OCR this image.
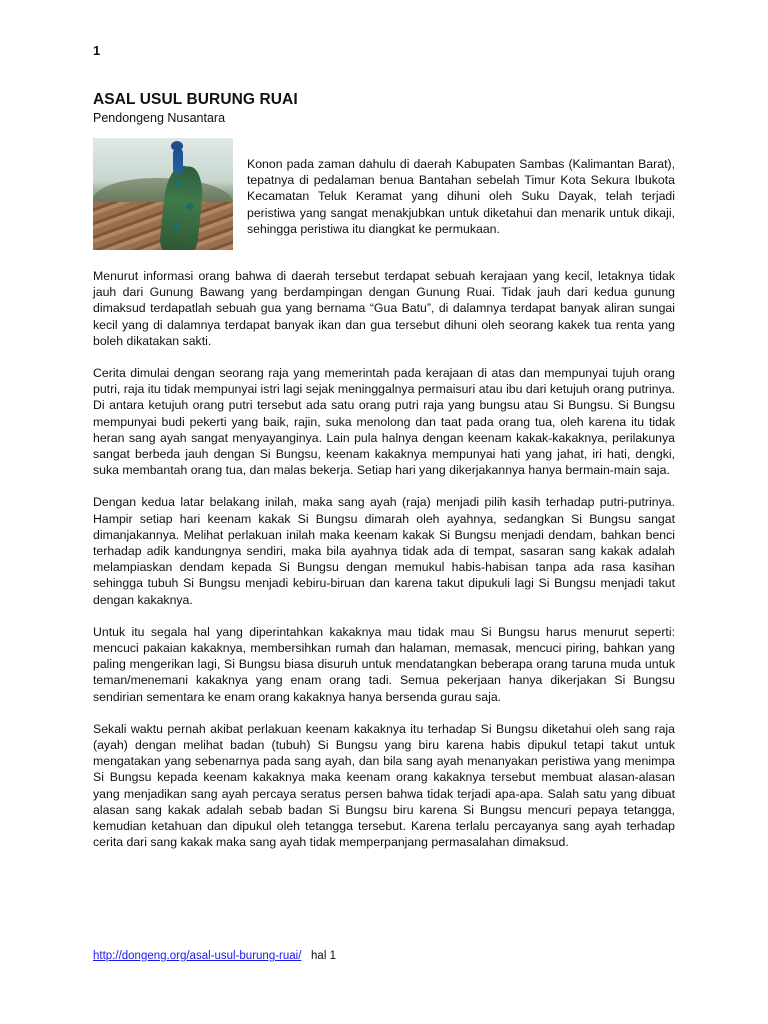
1
ASAL USUL BURUNG RUAI
Pendongeng Nusantara

Konon pada zaman dahulu di daerah Kabupaten Sambas (Kalimantan Barat), tepatnya di pedalaman benua Bantahan sebelah Timur Kota Sekura Ibukota Kecamatan Teluk Keramat yang dihuni oleh Suku Dayak, telah terjadi peristiwa yang sangat menakjubkan untuk diketahui dan menarik untuk dikaji, sehingga peristiwa itu diangkat ke permukaan.

Menurut informasi orang bahwa di daerah tersebut terdapat sebuah kerajaan yang kecil, letaknya tidak jauh dari Gunung Bawang yang berdampingan dengan Gunung Ruai. Tidak jauh dari kedua gunung dimaksud terdapatlah sebuah gua yang bernama “Gua Batu”, di dalamnya terdapat banyak aliran sungai kecil yang di dalamnya terdapat banyak ikan dan gua tersebut dihuni oleh seorang kakek tua renta yang boleh dikatakan sakti.

Cerita dimulai dengan seorang raja yang memerintah pada kerajaan di atas dan mempunyai tujuh orang putri, raja itu tidak mempunyai istri lagi sejak meninggalnya permaisuri atau ibu dari ketujuh orang putrinya. Di antara ketujuh orang putri tersebut ada satu orang putri raja yang bungsu atau Si Bungsu. Si Bungsu mempunyai budi pekerti yang baik, rajin, suka menolong dan taat pada orang tua, oleh karena itu tidak heran sang ayah sangat menyayanginya. Lain pula halnya dengan keenam kakak-kakaknya, perilakunya sangat berbeda jauh dengan Si Bungsu, keenam kakaknya mempunyai hati yang jahat, iri hati, dengki, suka membantah orang tua, dan malas bekerja. Setiap hari yang dikerjakannya hanya bermain-main saja.

Dengan kedua latar belakang inilah, maka sang ayah (raja) menjadi pilih kasih terhadap putri-putrinya. Hampir setiap hari keenam kakak Si Bungsu dimarah oleh ayahnya, sedangkan Si Bungsu sangat dimanjakannya. Melihat perlakuan inilah maka keenam kakak Si Bungsu menjadi dendam, bahkan benci terhadap adik kandungnya sendiri, maka bila ayahnya tidak ada di tempat, sasaran sang kakak adalah melampiaskan dendam kepada Si Bungsu dengan memukul habis-habisan tanpa ada rasa kasihan sehingga tubuh Si Bungsu menjadi kebiru-biruan dan karena takut dipukuli lagi Si Bungsu menjadi takut dengan kakaknya.

Untuk itu segala hal yang diperintahkan kakaknya mau tidak mau Si Bungsu harus menurut seperti: mencuci pakaian kakaknya, membersihkan rumah dan halaman, memasak, mencuci piring, bahkan yang paling mengerikan lagi, Si Bungsu biasa disuruh untuk mendatangkan beberapa orang taruna muda untuk teman/menemani kakaknya yang enam orang tadi. Semua pekerjaan hanya dikerjakan Si Bungsu sendirian sementara ke enam orang kakaknya hanya bersenda gurau saja.

Sekali waktu pernah akibat perlakuan keenam kakaknya itu terhadap Si Bungsu diketahui oleh sang raja (ayah) dengan melihat badan (tubuh) Si Bungsu yang biru karena habis dipukul tetapi takut untuk mengatakan yang sebenarnya pada sang ayah, dan bila sang ayah menanyakan peristiwa yang menimpa Si Bungsu kepada keenam kakaknya maka keenam orang kakaknya tersebut membuat alasan-alasan yang menjadikan sang ayah percaya seratus persen bahwa tidak terjadi apa-apa. Salah satu yang dibuat alasan sang kakak adalah sebab badan Si Bungsu biru karena Si Bungsu mencuri pepaya tetangga, kemudian ketahuan dan dipukul oleh tetangga tersebut. Karena terlalu percayanya sang ayah terhadap cerita dari sang kakak maka sang ayah tidak memperpanjang permasalahan dimaksud.

http://dongeng.org/asal-usul-burung-ruai/ hal 1
